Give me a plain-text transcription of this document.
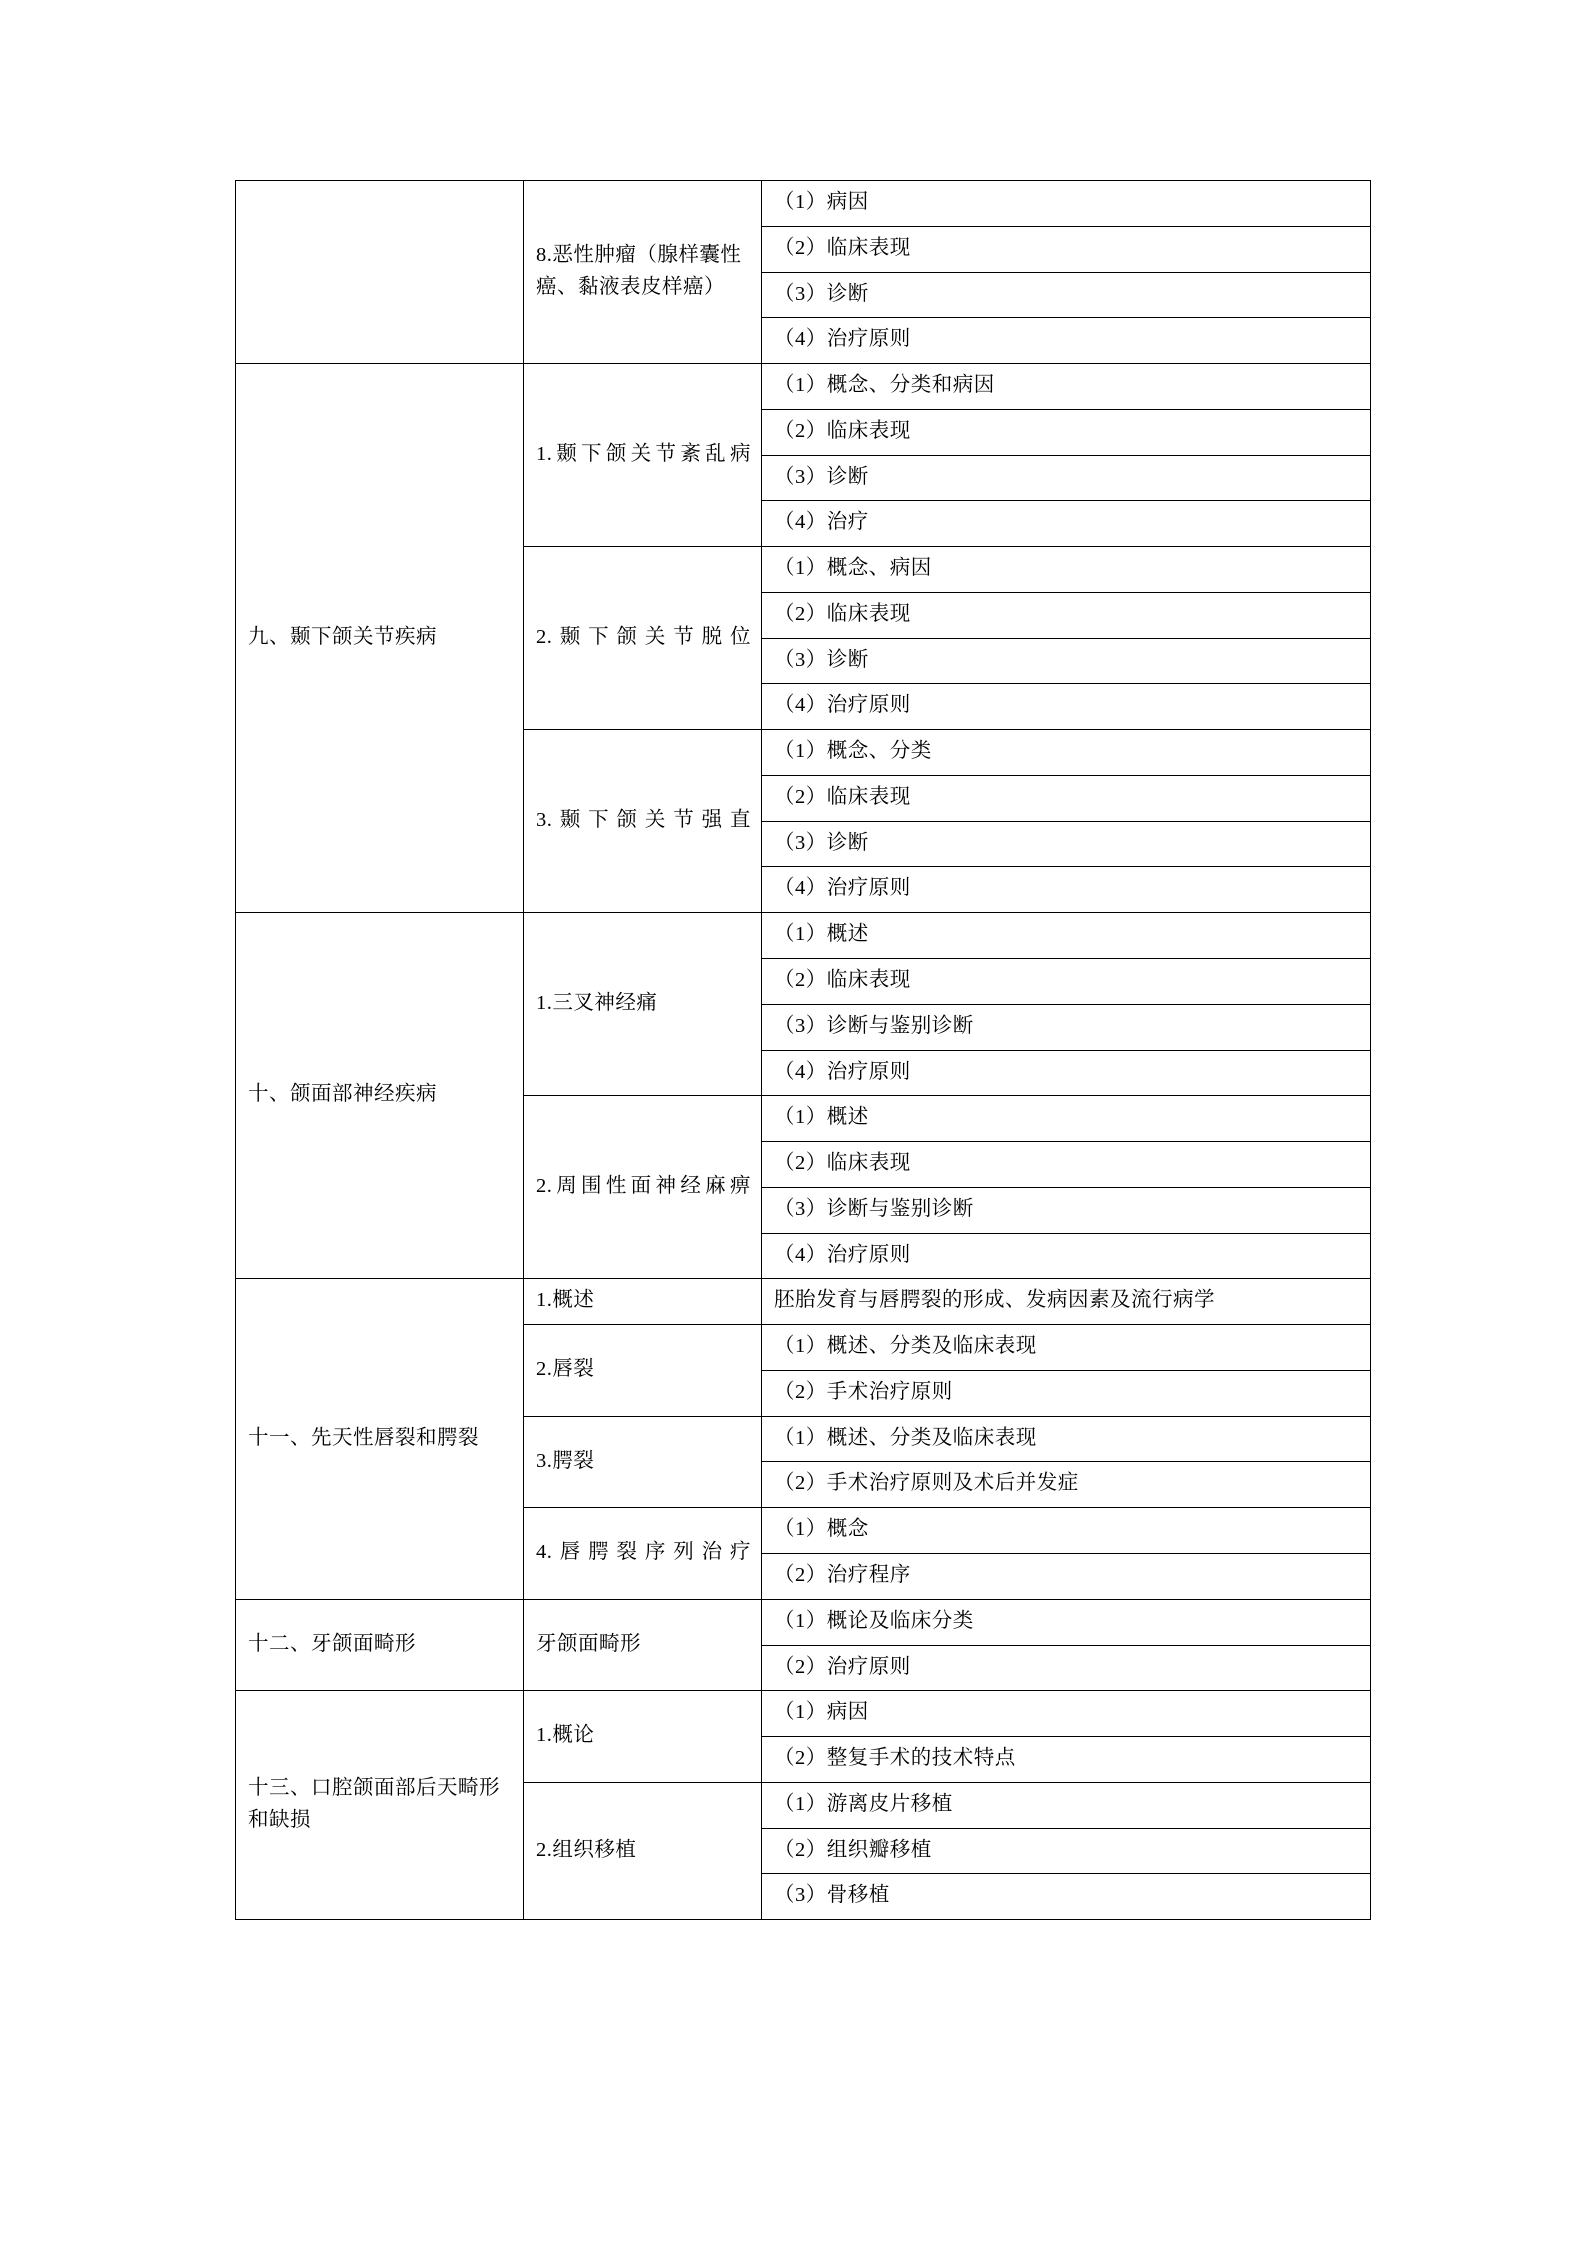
	8.恶性肿瘤（腺样囊性癌、黏液表皮样癌）	（1）病因

		（2）临床表现

		（3）诊断

		（4）治疗原则

九、颞下颌关节疾病	1.颞下颌关节紊乱病	（1）概念、分类和病因

		（2）临床表现

		（3）诊断

		（4）治疗

	2.颞下颌关节脱位	（1）概念、病因

		（2）临床表现

		（3）诊断

		（4）治疗原则

	3.颞下颌关节强直	（1）概念、分类

		（2）临床表现

		（3）诊断

		（4）治疗原则

十、颌面部神经疾病	1.三叉神经痛	（1）概述

		（2）临床表现

		（3）诊断与鉴别诊断

		（4）治疗原则

	2.周围性面神经麻痹	（1）概述

		（2）临床表现

		（3）诊断与鉴别诊断

		（4）治疗原则

十一、先天性唇裂和腭裂	1.概述	胚胎发育与唇腭裂的形成、发病因素及流行病学

	2.唇裂	（1）概述、分类及临床表现

		（2）手术治疗原则

	3.腭裂	（1）概述、分类及临床表现

		（2）手术治疗原则及术后并发症

	4.唇腭裂序列治疗	（1）概念

		（2）治疗程序

十二、牙颌面畸形	牙颌面畸形	（1）概论及临床分类

		（2）治疗原则

十三、口腔颌面部后天畸形和缺损	1.概论	（1）病因

		（2）整复手术的技术特点

	2.组织移植	（1）游离皮片移植

		（2）组织瓣移植

		（3）骨移植
